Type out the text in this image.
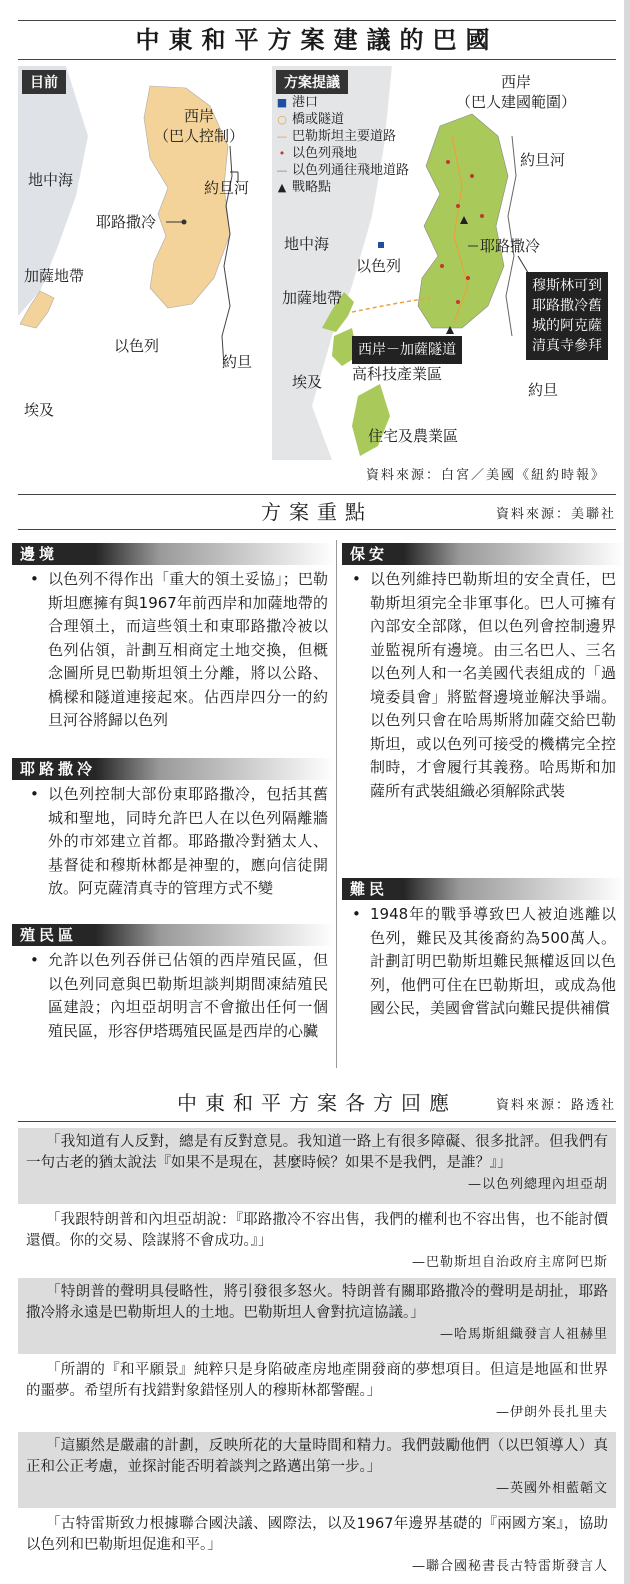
中東和平方案建議的巴國
目前
西岸
（巴人控制）
地中海	約旦河
耶路撒冷
加薩地帶
以色列
約旦
埃及
方案提議
■ 港口
○ 橋或隧道
— 巴勒斯坦主要道路
• 以色列飛地
— 以色列通往飛地道路
▲ 戰略點
西岸
（巴人建國範圍）
約旦河
耶路撒冷
地中海
以色列
加薩地帶
西岸－加薩隧道
穆斯林可到耶路撒冷舊城的阿克薩清真寺參拜
高科技產業區
埃及	約旦
住宅及農業區
資料來源：白宮／美國《紐約時報》
方案重點	資料來源：美聯社
邊境
• 以色列不得作出「重大的領土妥協」；巴勒斯坦應擁有與1967年前西岸和加薩地帶的合理領土，而這些領土和東耶路撒冷被以色列佔領，計劃互相商定土地交換，但概念圖所見巴勒斯坦領土分離，將以公路、橋樑和隧道連接起來。佔西岸四分一的約旦河谷將歸以色列
耶路撒冷
• 以色列控制大部份東耶路撒冷，包括其舊城和聖地，同時允許巴人在以色列隔離牆外的市郊建立首都。耶路撒冷對猶太人、基督徒和穆斯林都是神聖的，應向信徒開放。阿克薩清真寺的管理方式不變
殖民區
• 允許以色列吞併已佔領的西岸殖民區，但以色列同意與巴勒斯坦談判期間凍結殖民區建設；內坦亞胡明言不會撤出任何一個殖民區，形容伊塔瑪殖民區是西岸的心臟
保安
• 以色列維持巴勒斯坦的安全責任，巴勒斯坦須完全非軍事化。巴人可擁有內部安全部隊，但以色列會控制邊界並監視所有邊境。由三名巴人、三名以色列人和一名美國代表組成的「過境委員會」將監督邊境並解決爭端。以色列只會在哈馬斯將加薩交給巴勒斯坦，或以色列可接受的機構完全控制時，才會履行其義務。哈馬斯和加薩所有武裝組織必須解除武裝
難民
• 1948年的戰爭導致巴人被迫逃離以色列，難民及其後裔約為500萬人。計劃訂明巴勒斯坦難民無權返回以色列，他們可住在巴勒斯坦，或成為他國公民，美國會嘗試向難民提供補償
中東和平方案各方回應	資料來源：路透社
「我知道有人反對，總是有反對意見。我知道一路上有很多障礙、很多批評。但我們有一句古老的猶太說法『如果不是現在，甚麼時候？如果不是我們，是誰？』」
—以色列總理內坦亞胡
「我跟特朗普和內坦亞胡說：『耶路撒冷不容出售，我們的權利也不容出售，也不能討價還價。你的交易、陰謀將不會成功。』」
—巴勒斯坦自治政府主席阿巴斯
「特朗普的聲明具侵略性，將引發很多怒火。特朗普有關耶路撒冷的聲明是胡扯，耶路撒冷將永遠是巴勒斯坦人的土地。巴勒斯坦人會對抗這協議。」
—哈馬斯組織發言人祖赫里
「所謂的『和平願景』純粹只是身陷破產房地產開發商的夢想項目。但這是地區和世界的噩夢。希望所有找錯對象錯怪別人的穆斯林都警醒。」
—伊朗外長扎里夫
「這顯然是嚴肅的計劃，反映所花的大量時間和精力。我們鼓勵他們（以巴領導人）真正和公正考慮，並探討能否明着談判之路邁出第一步。」
—英國外相藍韜文
「古特雷斯致力根據聯合國決議、國際法，以及1967年邊界基礎的『兩國方案』，協助以色列和巴勒斯坦促進和平。」
—聯合國秘書長古特雷斯發言人
